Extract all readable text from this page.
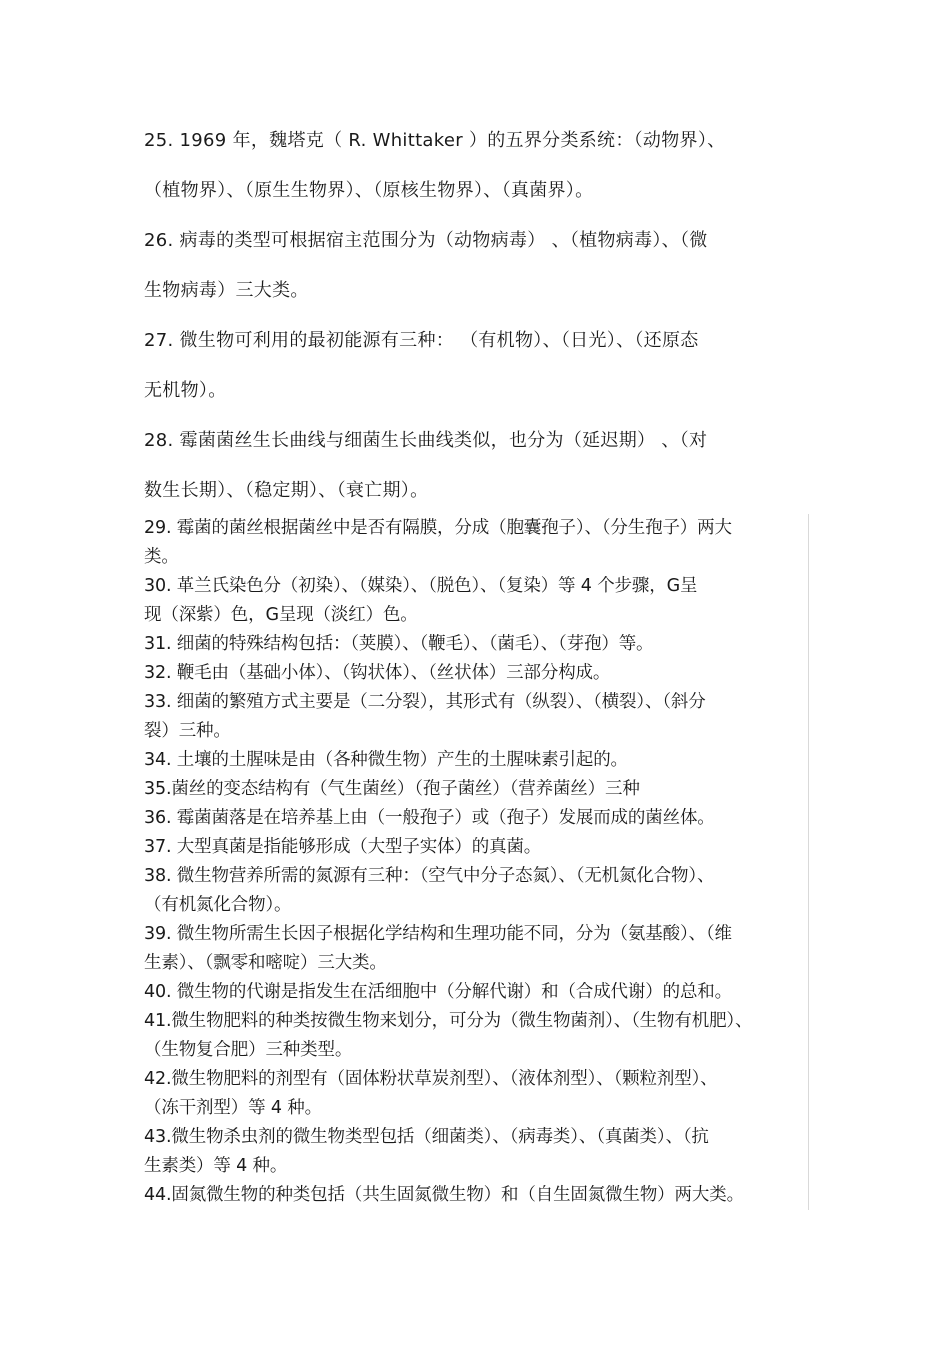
25. 1969 年，魏塔克（ R. Whittaker ）的五界分类系统：（动物界）、

（植物界）、（原生生物界）、（原核生物界）、（真菌界）。

26. 病毒的类型可根据宿主范围分为（动物病毒） 、（植物病毒）、（微

生物病毒）三大类。

27. 微生物可利用的最初能源有三种： （有机物）、（日光）、（还原态

无机物）。

28. 霉菌菌丝生长曲线与细菌生长曲线类似，也分为（延迟期） 、（对

数生长期）、（稳定期）、（衰亡期）。

29. 霉菌的菌丝根据菌丝中是否有隔膜，分成（胞囊孢子）、（分生孢子）两大

类。

30. 革兰氏染色分（初染）、（媒染）、（脱色）、（复染）等 4 个步骤，G呈

现（深紫）色，G呈现（淡红）色。

31. 细菌的特殊结构包括：（荚膜）、（鞭毛）、（菌毛）、（芽孢）等。

32. 鞭毛由（基础小体）、（钩状体）、（丝状体）三部分构成。

33. 细菌的繁殖方式主要是（二分裂），其形式有（纵裂）、（横裂）、（斜分

裂）三种。

34. 土壤的土腥味是由（各种微生物）产生的土腥味素引起的。

35.菌丝的变态结构有（气生菌丝）（孢子菌丝）（营养菌丝）三种

36. 霉菌菌落是在培养基上由（一般孢子）或（孢子）发展而成的菌丝体。

37. 大型真菌是指能够形成（大型子实体）的真菌。

38. 微生物营养所需的氮源有三种：（空气中分子态氮）、（无机氮化合物）、

（有机氮化合物）。

39. 微生物所需生长因子根据化学结构和生理功能不同，分为（氨基酸）、（维

生素）、（飘零和嘧啶）三大类。

40. 微生物的代谢是指发生在活细胞中（分解代谢）和（合成代谢）的总和。

41.微生物肥料的种类按微生物来划分，可分为（微生物菌剂）、（生物有机肥）、

（生物复合肥）三种类型。

42.微生物肥料的剂型有（固体粉状草炭剂型）、（液体剂型）、（颗粒剂型）、

（冻干剂型）等 4 种。

43.微生物杀虫剂的微生物类型包括（细菌类）、（病毒类）、（真菌类）、（抗

生素类）等 4 种。

44.固氮微生物的种类包括（共生固氮微生物）和（自生固氮微生物）两大类。
